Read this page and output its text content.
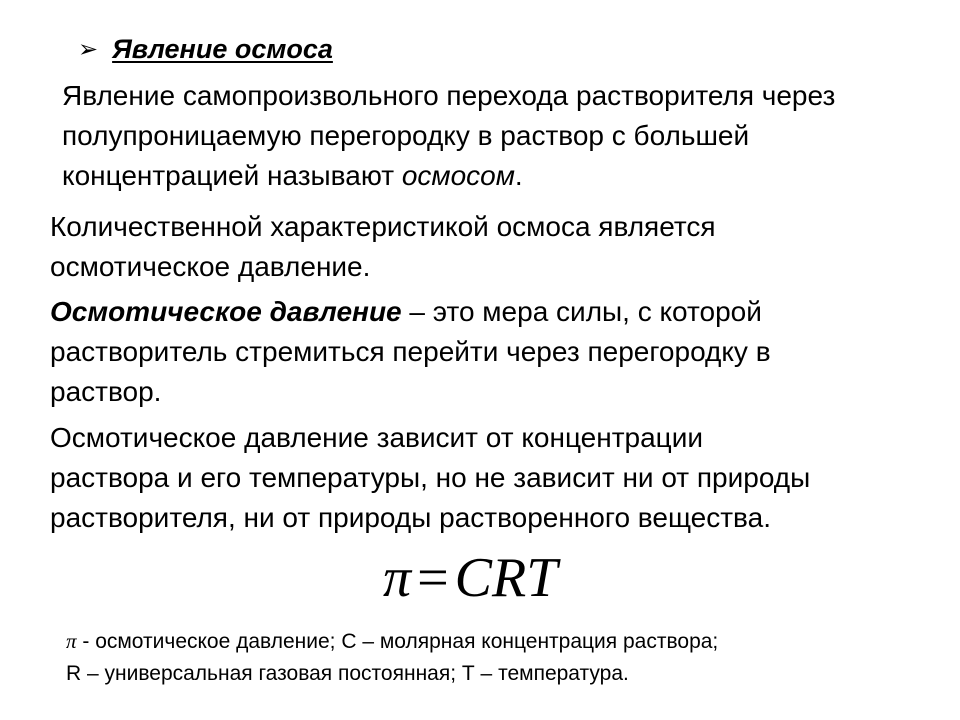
➢ Явление осмоса
Явление самопроизвольного перехода растворителя через
полупроницаемую перегородку в раствор с большей
концентрацией называют осмосом.
Количественной характеристикой осмоса является
осмотическое давление.
Осмотическое давление – это мера силы, с которой
растворитель стремиться перейти через перегородку в
раствор.
Осмотическое давление зависит от концентрации
раствора и его температуры, но не зависит ни от природы
растворителя, ни от природы растворенного вещества.
π = CRT
π - осмотическое давление; С – молярная концентрация раствора;
R – универсальная газовая постоянная; Т – температура.
